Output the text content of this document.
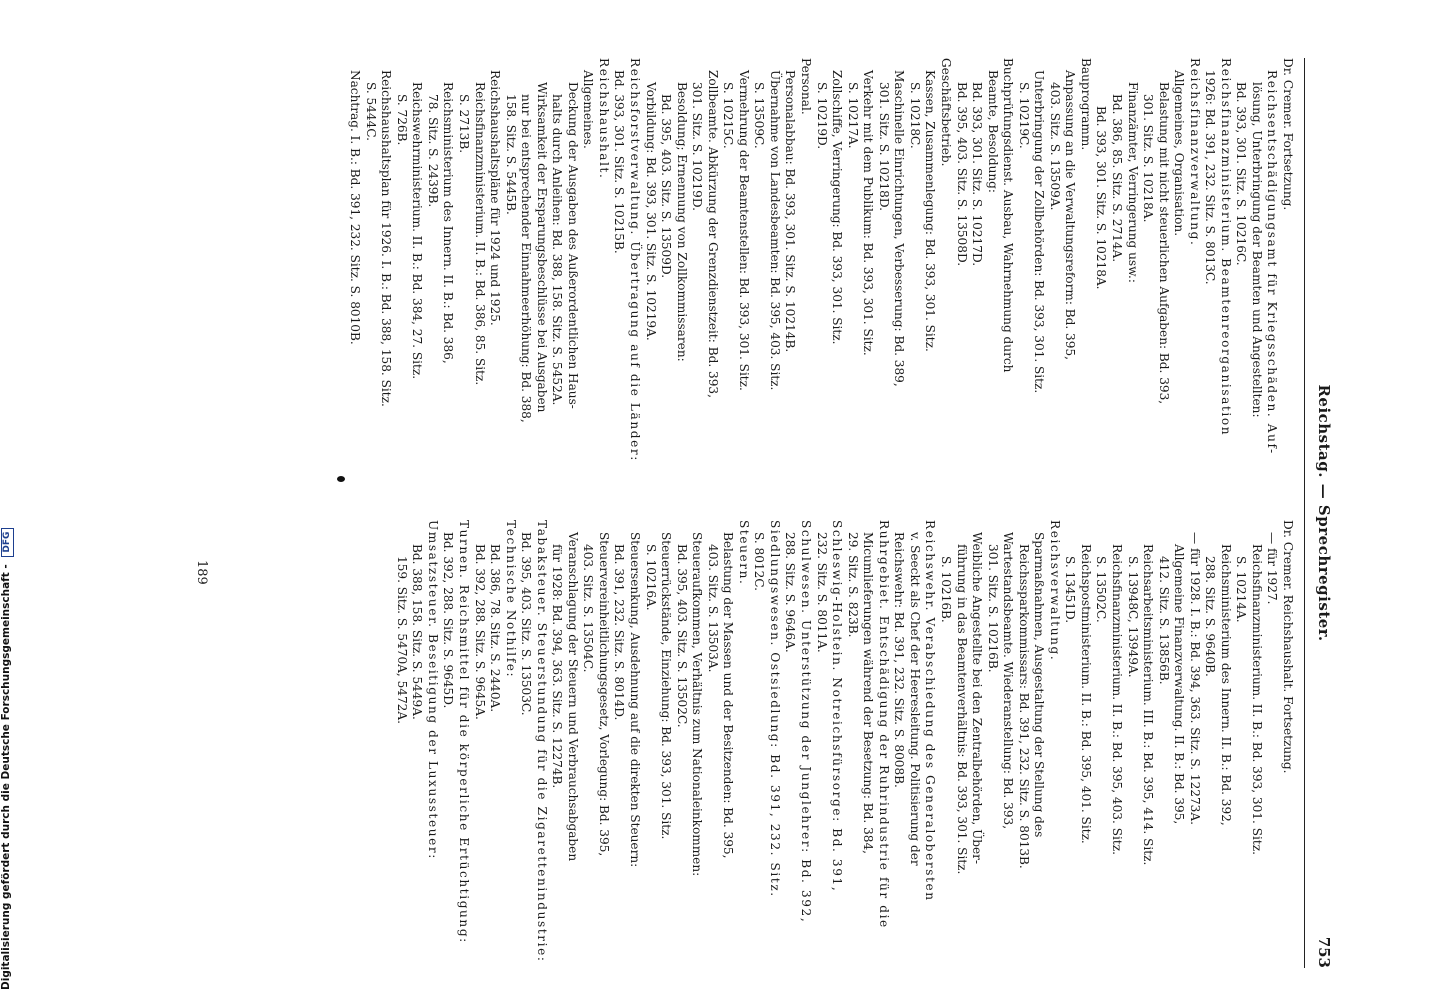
Reichstag. — Sprechregister.
753
Dr. Cremer. Fortsetzung.
Reichsentschädigungsamt für Kriegsschäden. Auf-
lösung, Unterbringung der Beamten und Angestellten:
Bd. 393, 301. Sitz. S. 10216C.
Reichsfinanzministerium. Beamtenreorganisation
1926: Bd. 391, 232. Sitz. S. 8013C.
Reichsfinanzverwaltung.
Allgemeines, Organisation.
Belastung mit nicht steuerlichen Aufgaben: Bd. 393,
301. Sitz. S. 10218A.
Finanzämter, Verringerung usw.:
Bd. 386, 85. Sitz. S. 2714A.
Bd. 393, 301. Sitz. S. 10218A.
Bauprogramm.
Anpassung an die Verwaltungsreform: Bd. 395,
403. Sitz. S. 13509A.
Unterbringung der Zollbehörden: Bd. 393, 301. Sitz.
S. 10219C.
Buchprüfungsdienst. Ausbau, Wahrnehmung durch
Beamte, Besoldung:
Bd. 393, 301. Sitz. S. 10217D.
Bd. 395, 403. Sitz. S. 13508D.
Geschäftsbetrieb.
Kassen, Zusammenlegung: Bd. 393, 301. Sitz.
S. 10218C.
Maschinelle Einrichtungen, Verbesserung: Bd. 389,
301. Sitz. S. 10218D.
Verkehr mit dem Publikum: Bd. 393, 301. Sitz.
S. 10217A.
Zollschiffe, Verringerung: Bd. 393, 301. Sitz.
S. 10219D.
Personal.
Personalabbau: Bd. 393, 301. Sitz. S. 10214B.
Übernahme von Landesbeamten: Bd. 395, 403. Sitz.
S. 13509C.
Vermehrung der Beamtenstellen: Bd. 393, 301. Sitz.
S. 10215C.
Zollbeamte. Abkürzung der Grenzdienstzeit: Bd. 393,
301. Sitz. S. 10219D.
Besoldung; Ernennung von Zollkommissaren:
Bd. 395, 403. Sitz. S. 13509D.
Vorbildung: Bd. 393, 301. Sitz. S. 10219A.
Reichsforstverwaltung. Übertragung auf die Länder:
Bd. 393, 301. Sitz. S. 10215B.
Reichshaushalt.
Allgemeines.
Deckung der Ausgaben des Außerordentlichen Haus-
halts durch Anleihen: Bd. 388, 158. Sitz. S. 5452A.
Wirksamkeit der Ersparungsbeschlüsse bei Ausgaben
nur bei entsprechender Einnahmeerhöhung: Bd. 388,
158. Sitz. S. 5445B.
Reichshaushaltspläne für 1924 und 1925.
Reichsfinanzministerium. II. B.: Bd. 386, 85. Sitz.
S. 2713B.
Reichsministerium des Innern. II. B.: Bd. 386,
78. Sitz. S. 2439B.
Reichswehrministerium. II. B.: Bd. 384, 27. Sitz.
S. 726B.
Reichshaushaltsplan für 1926. I. B.: Bd. 388, 158. Sitz.
S. 5444C.
Nachtrag. I. B.: Bd. 391, 232. Sitz. S. 8010B.
Dr. Cremer. Reichshaushalt. Fortsetzung.
— für 1927.
Reichsfinanzministerium. II. B.: Bd. 393, 301. Sitz.
S. 10214A.
Reichsministerium des Innern. II. B.: Bd. 392,
288. Sitz. S. 9640B.
— für 1928. I. B.: Bd. 394, 363. Sitz. S. 12273A.
Allgemeine Finanzverwaltung. II. B.: Bd. 395,
412. Sitz. S. 13856B.
Reichsarbeitsministerium. III. B.: Bd. 395, 414. Sitz.
S. 13948C, 13949A.
Reichsfinanzministerium. II. B.: Bd. 395, 403. Sitz.
S. 13502C.
Reichspostministerium. II. B.: Bd. 395, 401. Sitz.
S. 13451D.
Reichsverwaltung.
Sparmaßnahmen, Ausgestaltung der Stellung des
Reichssparkommissars: Bd. 391, 232. Sitz. S. 8013B.
Wartestandsbeamte. Wiederanstellung: Bd. 393,
301. Sitz. S. 10216B.
Weibliche Angestellte bei den Zentralbehörden, Über-
führung in das Beamtenverhältnis: Bd. 393, 301. Sitz.
S. 10216B.
Reichswehr. Verabschiedung des Generalobersten
v. Seeckt als Chef der Heeresleitung. Politisierung der
Reichswehr: Bd. 391, 232. Sitz. S. 8008B.
Ruhrgebiet. Entschädigung der Ruhrindustrie für die
Micumlieferungen während der Besetzung: Bd. 384,
29. Sitz. S. 823B.
Schleswig-Holstein. Notreichsfürsorge: Bd. 391,
232. Sitz. S. 8011A.
Schulwesen. Unterstützung der Junglehrer: Bd. 392,
288. Sitz. S. 9646A.
Siedlungswesen. Ostsiedlung: Bd. 391, 232. Sitz.
S. 8012C.
Steuern.
Belastung der Massen und der Besitzenden: Bd. 395,
403. Sitz. S. 13503A.
Steueraufkommen, Verhältnis zum Nationaleinkommen:
Bd. 395, 403. Sitz. S. 13502C.
Steuerrückstände, Einziehung: Bd. 393, 301. Sitz.
S. 10216A.
Steuersenkung, Ausdehnung auf die direkten Steuern:
Bd. 391, 232. Sitz. S. 8014D.
Steuervereinheitlichungsgesetz, Vorlegung: Bd. 395,
403. Sitz. S. 13504C.
Veranschlagung der Steuern und Verbrauchsabgaben
für 1928: Bd. 394, 363. Sitz. S. 12274B.
Tabaksteuer. Steuerstundung für die Zigarettenindustrie:
Bd. 395, 403. Sitz. S. 13503C.
Technische Nothilfe:
Bd. 386, 78. Sitz. S. 2440A.
Bd. 392, 288. Sitz. S. 9645A.
Turnen. Reichsmittel für die körperliche Ertüchtigung:
Bd. 392, 288. Sitz. S. 9645D.
Umsatzsteuer. Beseitigung der Luxussteuer:
Bd. 388, 158. Sitz. S. 5449A.
159. Sitz. S. 5470A, 5472A.
189
Digitalisierung gefördert durch die Deutsche Forschungsgemeinschaft - DFG
